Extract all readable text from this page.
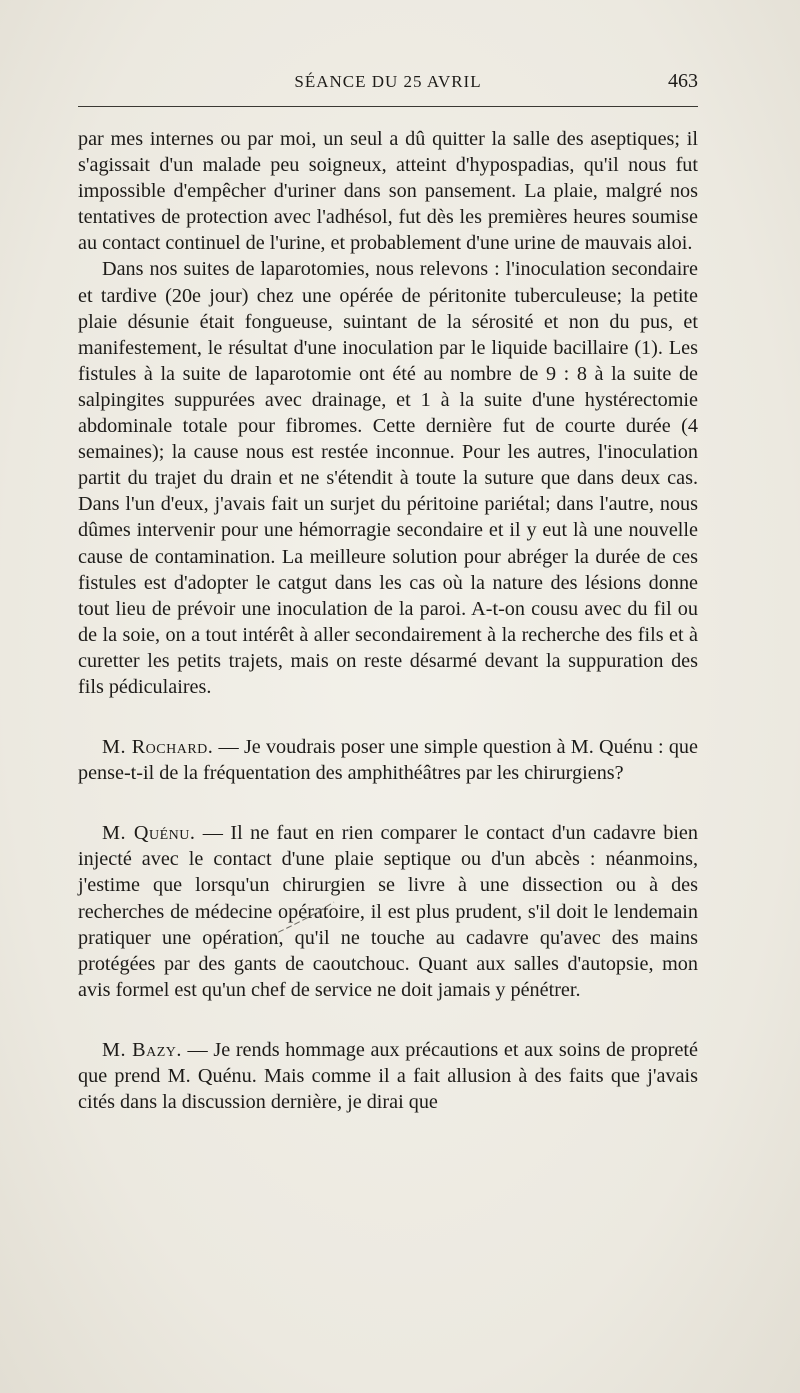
SÉANCE DU 25 AVRIL	463

par mes internes ou par moi, un seul a dû quitter la salle des aseptiques; il s'agissait d'un malade peu soigneux, atteint d'hypospadias, qu'il nous fut impossible d'empêcher d'uriner dans son pansement. La plaie, malgré nos tentatives de protection avec l'adhésol, fut dès les premières heures soumise au contact continuel de l'urine, et probablement d'une urine de mauvais aloi.

Dans nos suites de laparotomies, nous relevons : l'inoculation secondaire et tardive (20e jour) chez une opérée de péritonite tuberculeuse; la petite plaie désunie était fongueuse, suintant de la sérosité et non du pus, et manifestement, le résultat d'une inoculation par le liquide bacillaire (1). Les fistules à la suite de laparotomie ont été au nombre de 9 : 8 à la suite de salpingites suppurées avec drainage, et 1 à la suite d'une hystérectomie abdominale totale pour fibromes. Cette dernière fut de courte durée (4 semaines); la cause nous est restée inconnue. Pour les autres, l'inoculation partit du trajet du drain et ne s'étendit à toute la suture que dans deux cas. Dans l'un d'eux, j'avais fait un surjet du péritoine pariétal; dans l'autre, nous dûmes intervenir pour une hémorragie secondaire et il y eut là une nouvelle cause de contamination. La meilleure solution pour abréger la durée de ces fistules est d'adopter le catgut dans les cas où la nature des lésions donne tout lieu de prévoir une inoculation de la paroi. A-t-on cousu avec du fil ou de la soie, on a tout intérêt à aller secondairement à la recherche des fils et à curetter les petits trajets, mais on reste désarmé devant la suppuration des fils pédiculaires.

M. Rochard. — Je voudrais poser une simple question à M. Quénu : que pense-t-il de la fréquentation des amphithéâtres par les chirurgiens?

M. Quénu. — Il ne faut en rien comparer le contact d'un cadavre bien injecté avec le contact d'une plaie septique ou d'un abcès : néanmoins, j'estime que lorsqu'un chirurgien se livre à une dissection ou à des recherches de médecine opératoire, il est plus prudent, s'il doit le lendemain pratiquer une opération, qu'il ne touche au cadavre qu'avec des mains protégées par des gants de caoutchouc. Quant aux salles d'autopsie, mon avis formel est qu'un chef de service ne doit jamais y pénétrer.

M. Bazy. — Je rends hommage aux précautions et aux soins de propreté que prend M. Quénu. Mais comme il a fait allusion à des faits que j'avais cités dans la discussion dernière, je dirai que
